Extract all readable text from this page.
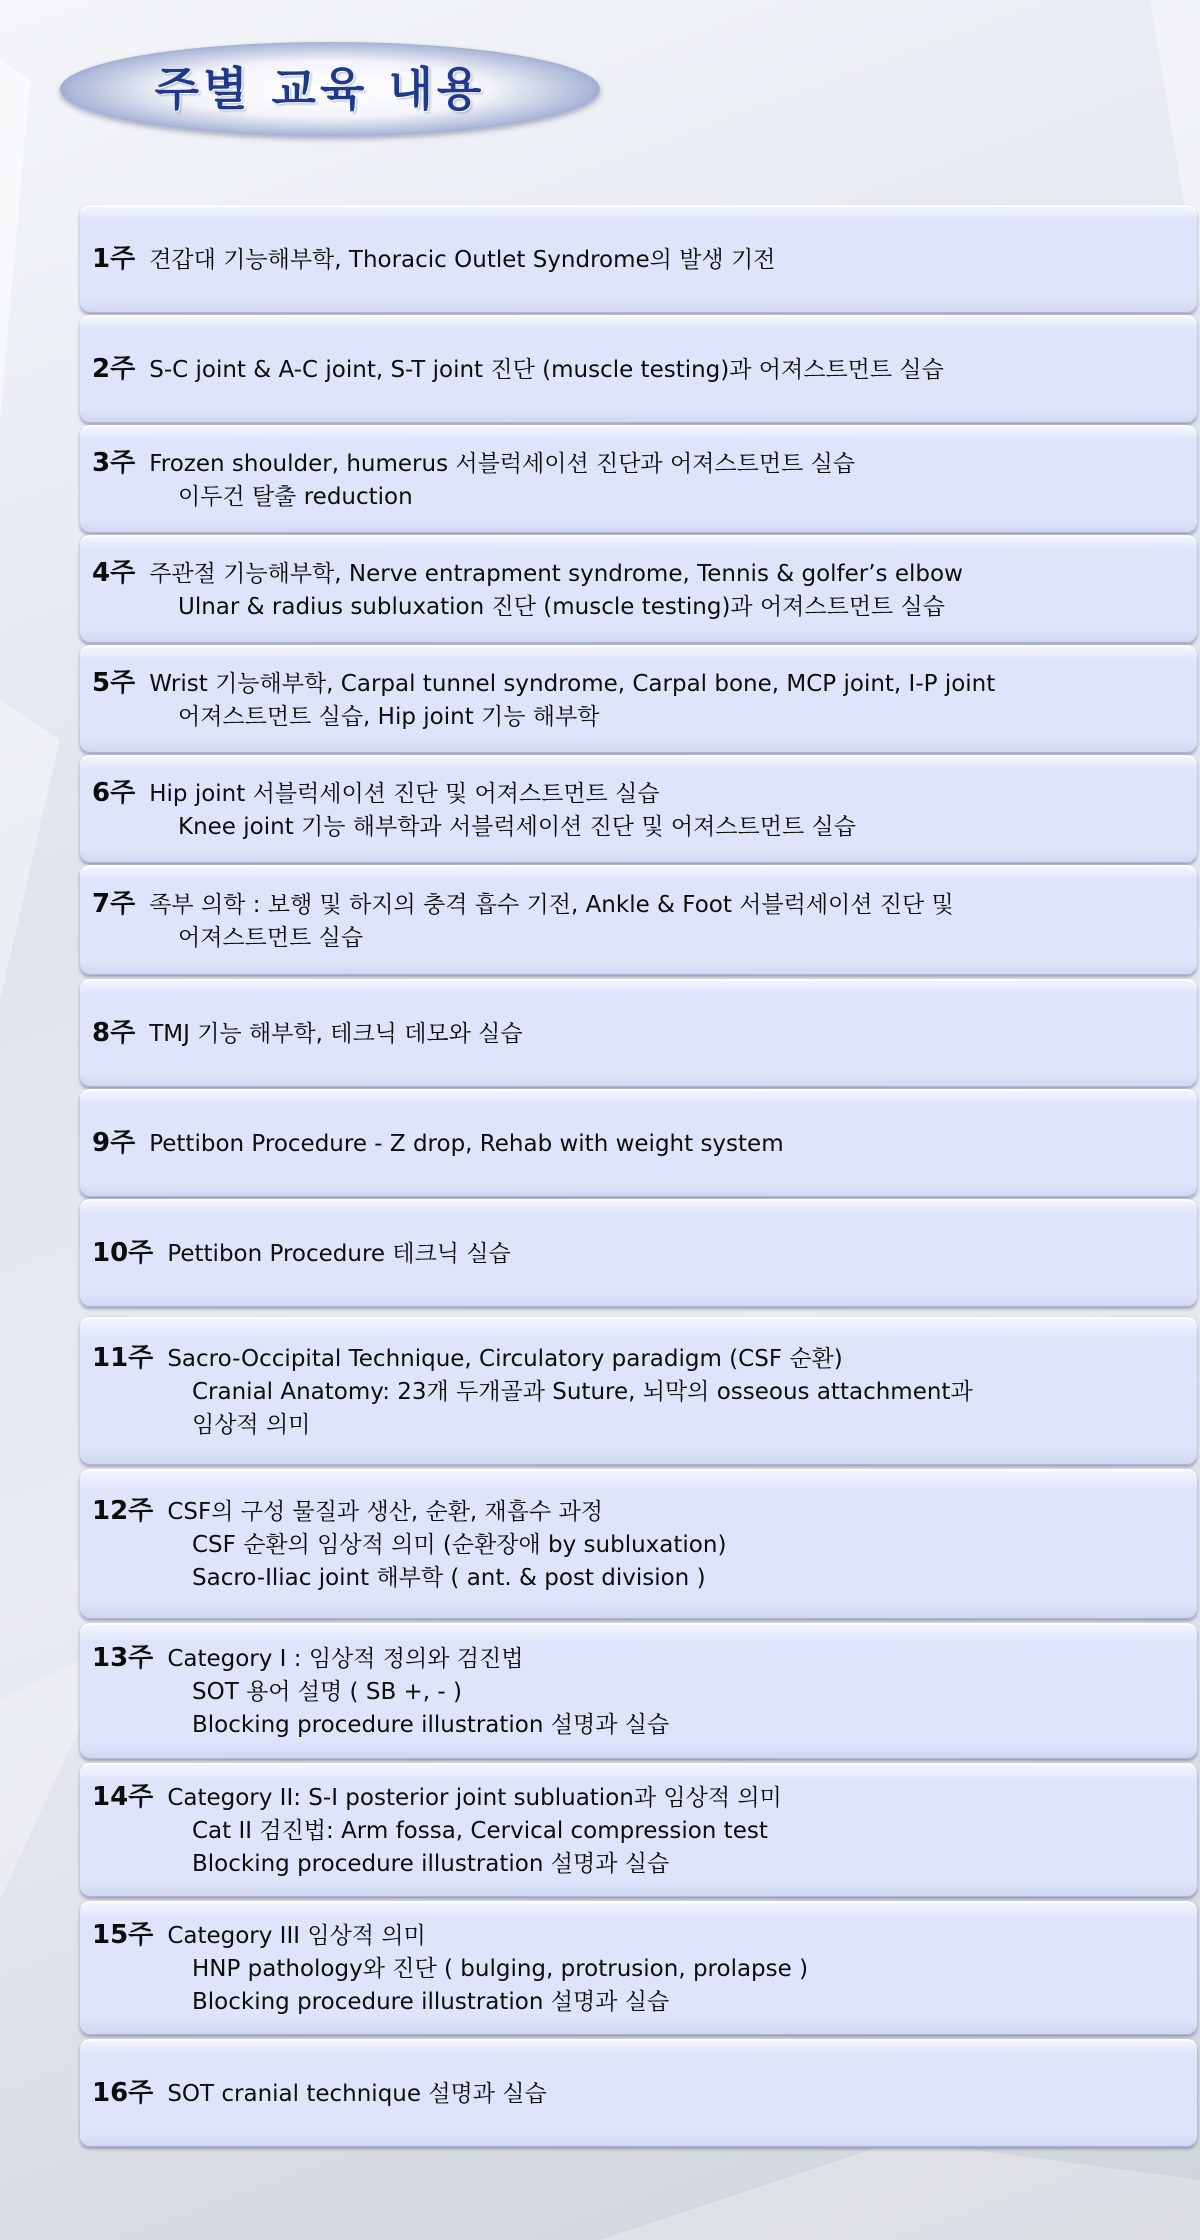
주별 교육 내용
1주 견갑대 기능해부학, Thoracic Outlet Syndrome의 발생 기전
2주 S-C joint & A-C joint, S-T joint 진단 (muscle testing)과 어져스트먼트 실습
3주 Frozen shoulder, humerus 서블럭세이션 진단과 어져스트먼트 실습
이두건 탈출 reduction
4주 주관절 기능해부학, Nerve entrapment syndrome, Tennis & golfer’s elbow
Ulnar & radius subluxation 진단 (muscle testing)과 어져스트먼트 실습
5주 Wrist 기능해부학, Carpal tunnel syndrome, Carpal bone, MCP joint, I-P joint
어져스트먼트 실습, Hip joint 기능 해부학
6주 Hip joint 서블럭세이션 진단 및 어져스트먼트 실습
Knee joint 기능 해부학과 서블럭세이션 진단 및 어져스트먼트 실습
7주 족부 의학 : 보행 및 하지의 충격 흡수 기전, Ankle & Foot 서블럭세이션 진단 및
어져스트먼트 실습
8주 TMJ 기능 해부학, 테크닉 데모와 실습
9주 Pettibon Procedure - Z drop, Rehab with weight system
10주 Pettibon Procedure 테크닉 실습
11주 Sacro-Occipital Technique, Circulatory paradigm (CSF 순환)
Cranial Anatomy: 23개 두개골과 Suture, 뇌막의 osseous attachment과
임상적 의미
12주 CSF의 구성 물질과 생산, 순환, 재흡수 과정
CSF 순환의 임상적 의미 (순환장애 by subluxation)
Sacro-Iliac joint 해부학 ( ant. & post division )
13주 Category I : 임상적 정의와 검진법
SOT 용어 설명 ( SB +, - )
Blocking procedure illustration 설명과 실습
14주 Category II: S-I posterior joint subluation과 임상적 의미
Cat II 검진법: Arm fossa, Cervical compression test
Blocking procedure illustration 설명과 실습
15주 Category III 임상적 의미
HNP pathology와 진단 ( bulging, protrusion, prolapse )
Blocking procedure illustration 설명과 실습
16주 SOT cranial technique 설명과 실습
